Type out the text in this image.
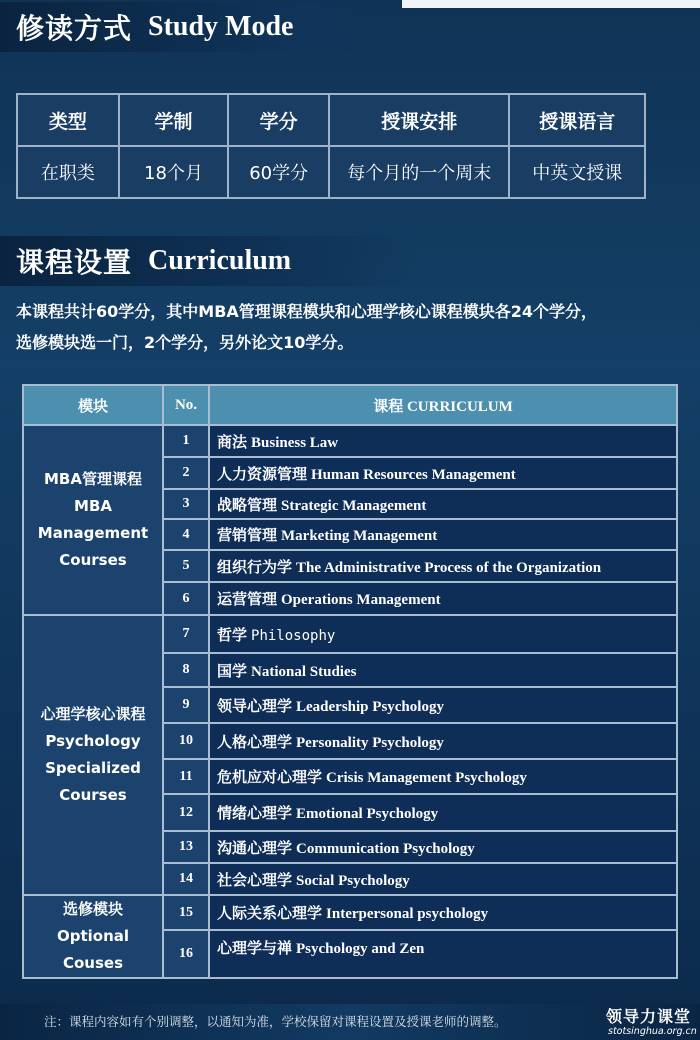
修读方式 Study Mode
类型	学制	学分	授课安排	授课语言
在职类	18个月	60学分	每个月的一个周末	中英文授课
课程设置 Curriculum
本课程共计60学分，其中MBA管理课程模块和心理学核心课程模块各24个学分，
选修模块选一门，2个学分，另外论文10学分。
模块	No.	课程 CURRICULUM

MBA管理课程
MBA
Management
Courses	1	商法 Business Law
	2	人力资源管理 Human Resources Management
	3	战略管理 Strategic Management
	4	营销管理 Marketing Management
	5	组织行为学 The Administrative Process of the Organization
	6	运营管理 Operations Management

心理学核心课程
Psychology
Specialized
Courses	7	哲学 Philosophy
	8	国学 National Studies
	9	领导心理学 Leadership Psychology
	10	人格心理学 Personality Psychology
	11	危机应对心理学 Crisis Management Psychology
	12	情绪心理学 Emotional Psychology
	13	沟通心理学 Communication Psychology
	14	社会心理学 Social Psychology

选修模块
Optional
Couses	15	人际关系心理学 Interpersonal psychology
	16	心理学与禅 Psychology and Zen
注：课程内容如有个别调整，以通知为准，学校保留对课程设置及授课老师的调整。	领导力课堂
stotsinghua.org.cn
